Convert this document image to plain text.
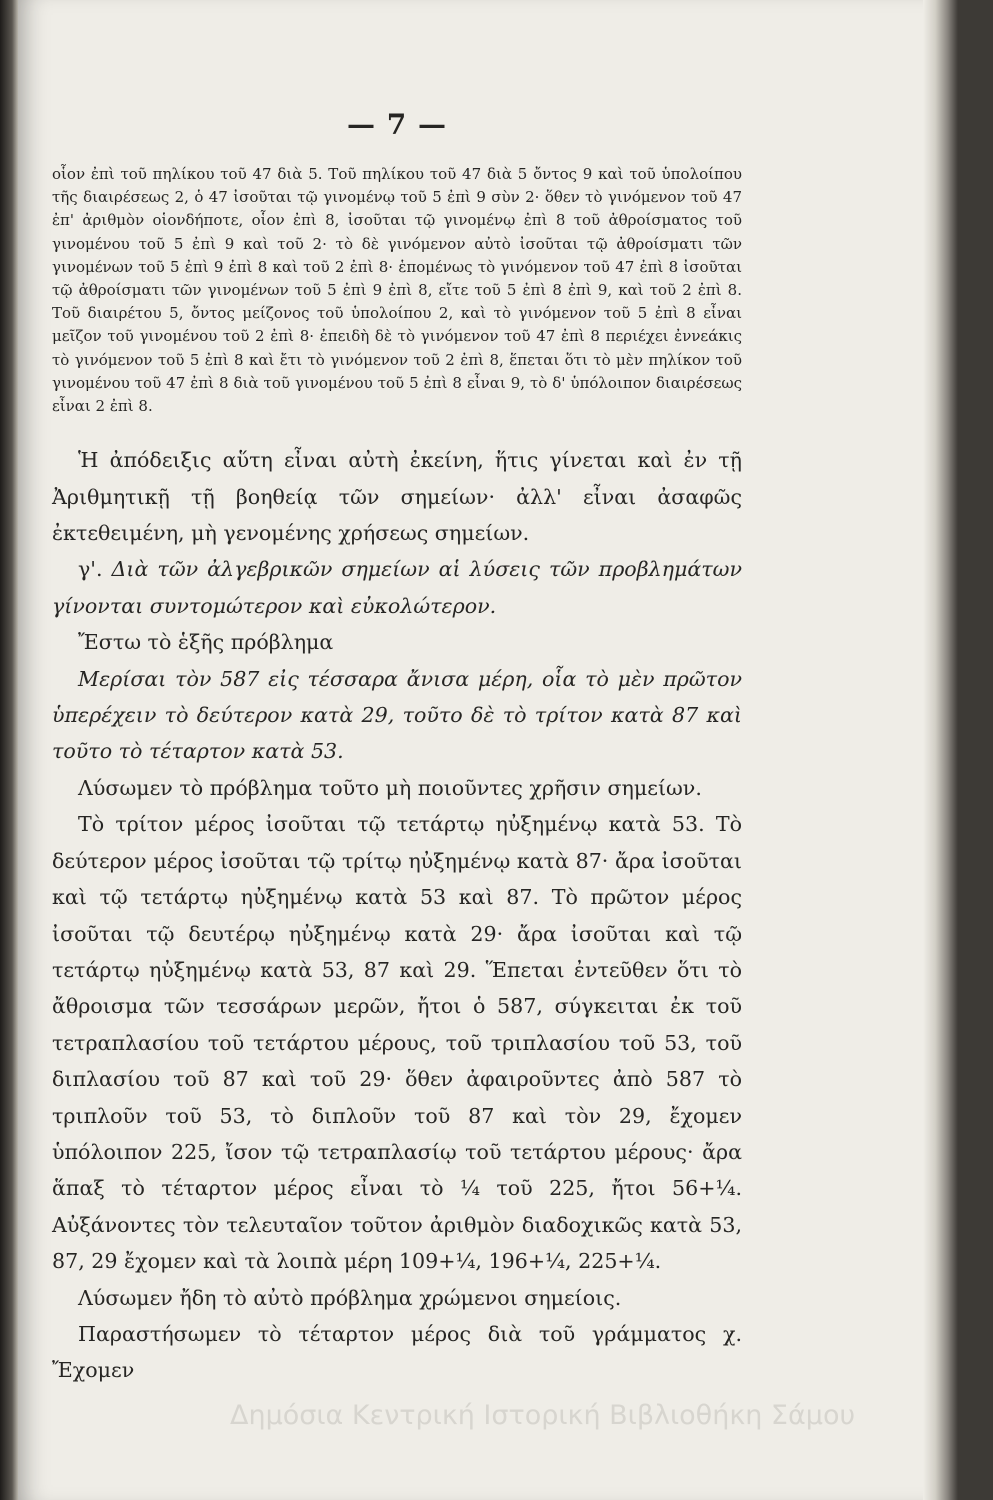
— 7 —

οἷον ἐπὶ τοῦ πηλίκου τοῦ 47 διὰ 5. Τοῦ πηλίκου τοῦ 47 διὰ 5 ὄντος 9 καὶ τοῦ ὑπολοίπου τῆς διαιρέσεως 2, ὁ 47 ἰσοῦται τῷ γινομένῳ τοῦ 5 ἐπὶ 9 σὺν 2· ὅθεν τὸ γινόμενον τοῦ 47 ἐπ' ἀριθμὸν οἱονδήποτε, οἷον ἐπὶ 8, ἰσοῦται τῷ γινομένῳ ἐπὶ 8 τοῦ ἀθροίσματος τοῦ γινομένου τοῦ 5 ἐπὶ 9 καὶ τοῦ 2· τὸ δὲ γινόμενον αὐτὸ ἰσοῦται τῷ ἀθροίσματι τῶν γινομένων τοῦ 5 ἐπὶ 9 ἐπὶ 8 καὶ τοῦ 2 ἐπὶ 8· ἑπομένως τὸ γινόμενον τοῦ 47 ἐπὶ 8 ἰσοῦται τῷ ἀθροίσματι τῶν γινομένων τοῦ 5 ἐπὶ 9 ἐπὶ 8, εἴτε τοῦ 5 ἐπὶ 8 ἐπὶ 9, καὶ τοῦ 2 ἐπὶ 8. Τοῦ διαιρέτου 5, ὄντος μείζονος τοῦ ὑπολοίπου 2, καὶ τὸ γινόμενον τοῦ 5 ἐπὶ 8 εἶναι μεῖζον τοῦ γινομένου τοῦ 2 ἐπὶ 8· ἐπειδὴ δὲ τὸ γινόμενον τοῦ 47 ἐπὶ 8 περιέχει ἐννεάκις τὸ γινόμενον τοῦ 5 ἐπὶ 8 καὶ ἔτι τὸ γινόμενον τοῦ 2 ἐπὶ 8, ἕπεται ὅτι τὸ μὲν πηλίκον τοῦ γινομένου τοῦ 47 ἐπὶ 8 διὰ τοῦ γινομένου τοῦ 5 ἐπὶ 8 εἶναι 9, τὸ δ' ὑπόλοιπον διαιρέσεως εἶναι 2 ἐπὶ 8.

Ἡ ἀπόδειξις αὕτη εἶναι αὐτὴ ἐκείνη, ἥτις γίνεται καὶ ἐν τῇ Ἀριθμητικῇ τῇ βοηθείᾳ τῶν σημείων· ἀλλ' εἶναι ἀσαφῶς ἐκτεθειμένη, μὴ γενομένης χρήσεως σημείων.

γ'. Διὰ τῶν ἀλγεβρικῶν σημείων αἱ λύσεις τῶν προβλημάτων γίνονται συντομώτερον καὶ εὐκολώτερον.

Ἔστω τὸ ἑξῆς πρόβλημα

Μερίσαι τὸν 587 εἰς τέσσαρα ἄνισα μέρη, οἷα τὸ μὲν πρῶτον ὑπερέχειν τὸ δεύτερον κατὰ 29, τοῦτο δὲ τὸ τρίτον κατὰ 87 καὶ τοῦτο τὸ τέταρτον κατὰ 53.

Λύσωμεν τὸ πρόβλημα τοῦτο μὴ ποιοῦντες χρῆσιν σημείων.

Τὸ τρίτον μέρος ἰσοῦται τῷ τετάρτῳ ηὐξημένῳ κατὰ 53. Τὸ δεύτερον μέρος ἰσοῦται τῷ τρίτῳ ηὐξημένῳ κατὰ 87· ἄρα ἰσοῦται καὶ τῷ τετάρτῳ ηὐξημένῳ κατὰ 53 καὶ 87. Τὸ πρῶτον μέρος ἰσοῦται τῷ δευτέρῳ ηὐξημένῳ κατὰ 29· ἄρα ἰσοῦται καὶ τῷ τετάρτῳ ηὐξημένῳ κατὰ 53, 87 καὶ 29. Ἕπεται ἐντεῦθεν ὅτι τὸ ἄθροισμα τῶν τεσσάρων μερῶν, ἤτοι ὁ 587, σύγκειται ἐκ τοῦ τετραπλασίου τοῦ τετάρτου μέρους, τοῦ τριπλασίου τοῦ 53, τοῦ διπλασίου τοῦ 87 καὶ τοῦ 29· ὅθεν ἀφαιροῦντες ἀπὸ 587 τὸ τριπλοῦν τοῦ 53, τὸ διπλοῦν τοῦ 87 καὶ τὸν 29, ἔχομεν ὑπόλοιπον 225, ἴσον τῷ τετραπλασίῳ τοῦ τετάρτου μέρους· ἄρα ἅπαξ τὸ τέταρτον μέρος εἶναι τὸ ¼ τοῦ 225, ἤτοι 56+¼. Αὐξάνοντες τὸν τελευταῖον τοῦτον ἀριθμὸν διαδοχικῶς κατὰ 53, 87, 29 ἔχομεν καὶ τὰ λοιπὰ μέρη 109+¼, 196+¼, 225+¼.

Λύσωμεν ἤδη τὸ αὐτὸ πρόβλημα χρώμενοι σημείοις.

Παραστήσωμεν τὸ τέταρτον μέρος διὰ τοῦ γράμματος χ. Ἔχομεν

Δημόσια Κεντρική Ιστορική Βιβλιοθήκη Σάμου
